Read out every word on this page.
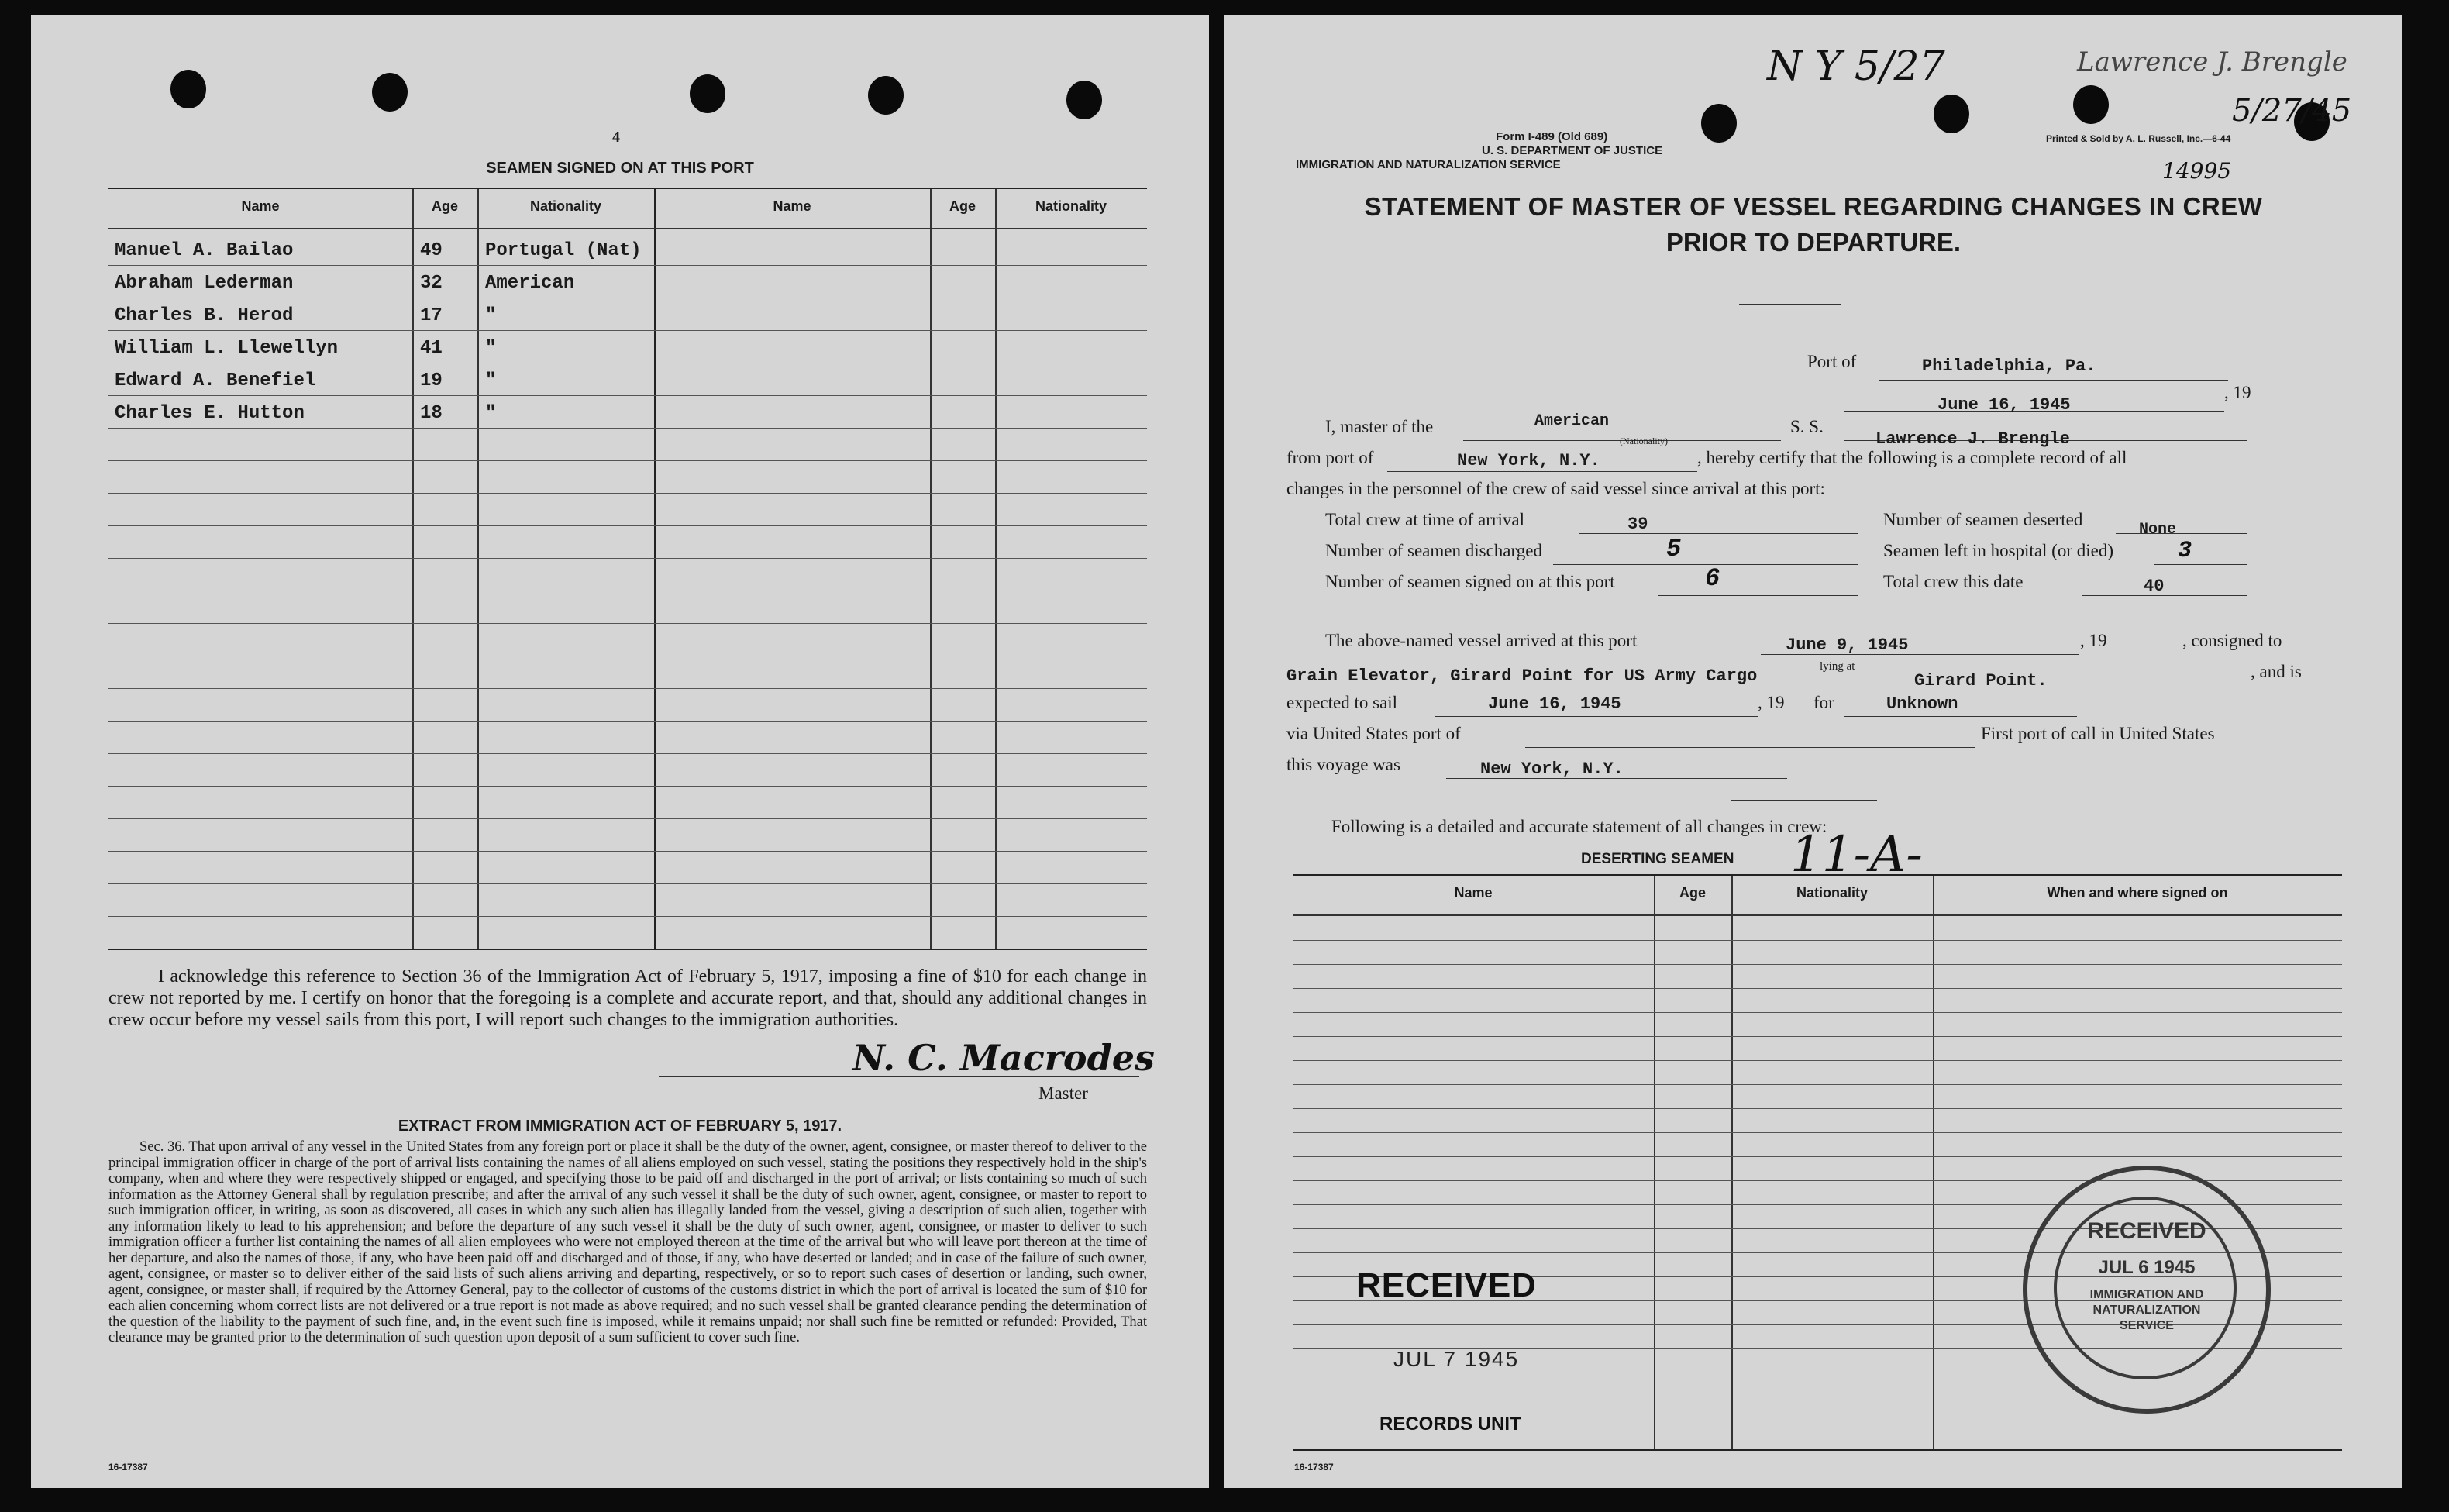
4
SEAMEN SIGNED ON AT THIS PORT
Name	Age	Nationality	Name	Age	Nationality
Manuel A. Bailao	49 Portugal (Nat)
Abraham Lederman	32 American
Charles B. Herod	17 "
William L. Llewellyn	41 "
Edward A. Benefiel	19 "
Charles E. Hutton	18 "
I acknowledge this reference to Section 36 of the Immigration Act of February 5, 1917, imposing a fine of $10 for each change in crew not reported by me. I certify on honor that the foregoing is a complete and accurate report, and that, should any additional changes in crew occur before my vessel sails from this port, I will report such changes to the immigration authorities.
N. C. Macrodes
Master
EXTRACT FROM IMMIGRATION ACT OF FEBRUARY 5, 1917.
Sec. 36. That upon arrival of any vessel in the United States from any foreign port or place it shall be the duty of the owner, agent, consignee, or master thereof to deliver to the principal immigration officer in charge of the port of arrival lists containing the names of all aliens employed on such vessel, stating the positions they respectively hold in the ship's company, when and where they were respectively shipped or engaged, and specifying those to be paid off and discharged in the port of arrival; or lists containing so much of such information as the Attorney General shall by regulation prescribe; and after the arrival of any such vessel it shall be the duty of such owner, agent, consignee, or master to report to such immigration officer, in writing, as soon as discovered, all cases in which any such alien has illegally landed from the vessel, giving a description of such alien, together with any information likely to lead to his apprehension; and before the departure of any such vessel it shall be the duty of such owner, agent, consignee, or master to deliver to such immigration officer a further list containing the names of all alien employees who were not employed thereon at the time of the arrival but who will leave port thereon at the time of her departure, and also the names of those, if any, who have been paid off and discharged and of those, if any, who have deserted or landed; and in case of the failure of such owner, agent, consignee, or master so to deliver either of the said lists of such aliens arriving and departing, respectively, or so to report such cases of desertion or landing, such owner, agent, consignee, or master shall, if required by the Attorney General, pay to the collector of customs of the customs district in which the port of arrival is located the sum of $10 for each alien concerning whom correct lists are not delivered or a true report is not made as above required; and no such vessel shall be granted clearance pending the determination of the question of the liability to the payment of such fine, and, in the event such fine is imposed, while it remains unpaid; nor shall such fine be remitted or refunded: Provided, That clearance may be granted prior to the determination of such question upon deposit of a sum sufficient to cover such fine.
16-17387
N Y 5/27	Lawrence J. Brengle
5/27/45
14995
Form I-489 (Old 689)
U. S. DEPARTMENT OF JUSTICE
IMMIGRATION AND NATURALIZATION SERVICE
Printed & Sold by A. L. Russell, Inc.—6-44
STATEMENT OF MASTER OF VESSEL REGARDING CHANGES IN CREW
PRIOR TO DEPARTURE.
Port of	Philadelphia, Pa.
June 16, 1945
, 19
I, master of the	American
(Nationality)
S. S.
Lawrence J. Brengle
from port of	New York, N.Y.	, hereby certify that the following is a complete record of all
changes in the personnel of the crew of said vessel since arrival at this port:
Total crew at time of arrival	39
Number of seamen discharged	5
Number of seamen signed on at this port	6
Number of seamen deserted
None
Seamen left in hospital (or died)	3
Total crew this date	40
The above-named vessel arrived at this port	June 9, 1945	, 19	, consigned to
Grain Elevator, Girard Point for US Army Cargo	lying at
Girard Point.	, and is
expected to sail	June 16, 1945	, 19 for	Unknown
via United States port of	First port of call in United States
this voyage was	New York, N.Y.
Following is a detailed and accurate statement of all changes in crew:
DESERTING SEAMEN 11-A-
Name	Age	Nationality	When and where signed on
RECEIVED
JUL 7 1945
RECORDS UNIT
RECEIVED
JUL 6 1945
IMMIGRATION AND
NATURALIZATION
SERVICE
16-17387
